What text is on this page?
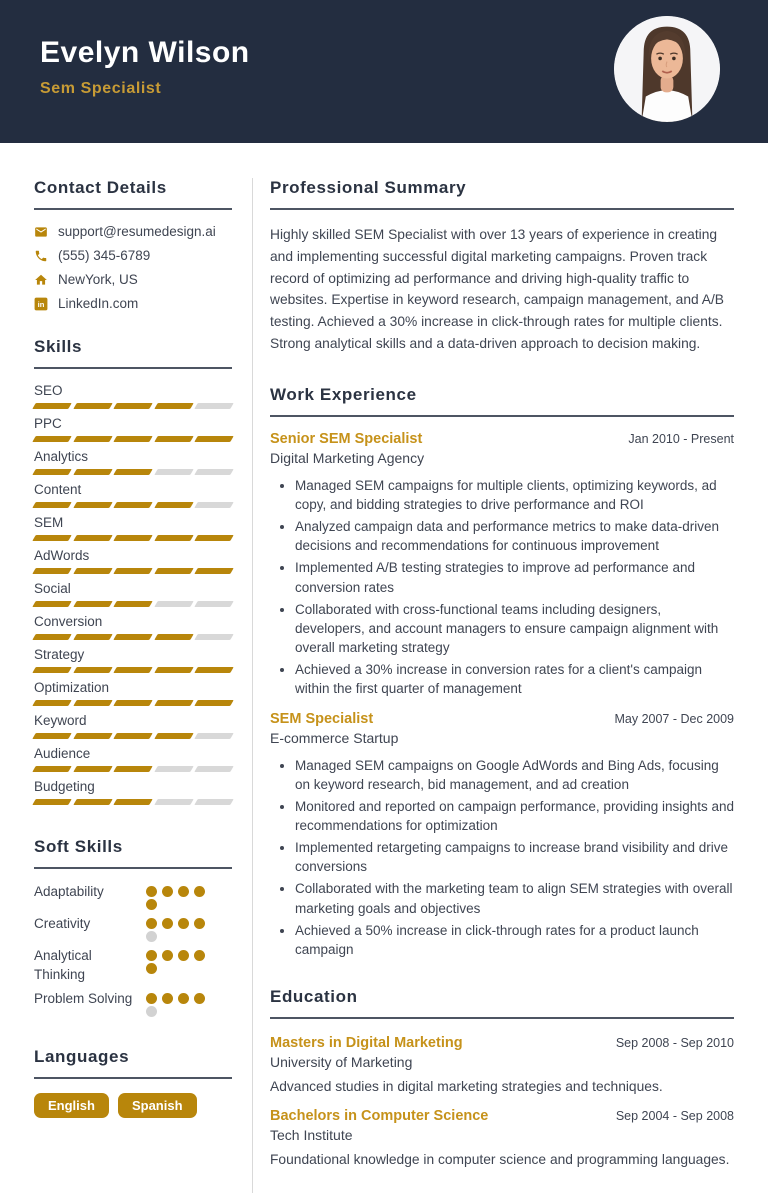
Evelyn Wilson
Sem Specialist
Contact Details
support@resumedesign.ai
(555) 345-6789
NewYork, US
in LinkedIn.com
Skills
SEO
PPC
Analytics
Content
SEM
AdWords
Social
Conversion
Strategy
Optimization
Keyword
Audience
Budgeting
Soft Skills
Adaptability
Creativity
Analytical Thinking
Problem Solving
Languages
English	Spanish
Professional Summary

Highly skilled SEM Specialist with over 13 years of experience in creating and implementing successful digital marketing campaigns. Proven track record of optimizing ad performance and driving high-quality traffic to websites. Expertise in keyword research, campaign management, and A/B testing. Achieved a 30% increase in click-through rates for multiple clients. Strong analytical skills and a data-driven approach to decision making.

Work Experience
Senior SEM Specialist	Jan 2010 - Present
Digital Marketing Agency
• Managed SEM campaigns for multiple clients, optimizing keywords, ad copy, and bidding strategies to drive performance and ROI
• Analyzed campaign data and performance metrics to make data-driven decisions and recommendations for continuous improvement
• Implemented A/B testing strategies to improve ad performance and conversion rates
• Collaborated with cross-functional teams including designers, developers, and account managers to ensure campaign alignment with overall marketing strategy
• Achieved a 30% increase in conversion rates for a client's campaign within the first quarter of management
SEM Specialist	May 2007 - Dec 2009
E-commerce Startup
• Managed SEM campaigns on Google AdWords and Bing Ads, focusing on keyword research, bid management, and ad creation
• Monitored and reported on campaign performance, providing insights and recommendations for optimization
• Implemented retargeting campaigns to increase brand visibility and drive conversions
• Collaborated with the marketing team to align SEM strategies with overall marketing goals and objectives
• Achieved a 50% increase in click-through rates for a product launch campaign
Education
Masters in Digital Marketing	Sep 2008 - Sep 2010
University of Marketing
Advanced studies in digital marketing strategies and techniques.
Bachelors in Computer Science	Sep 2004 - Sep 2008
Tech Institute
Foundational knowledge in computer science and programming languages.
